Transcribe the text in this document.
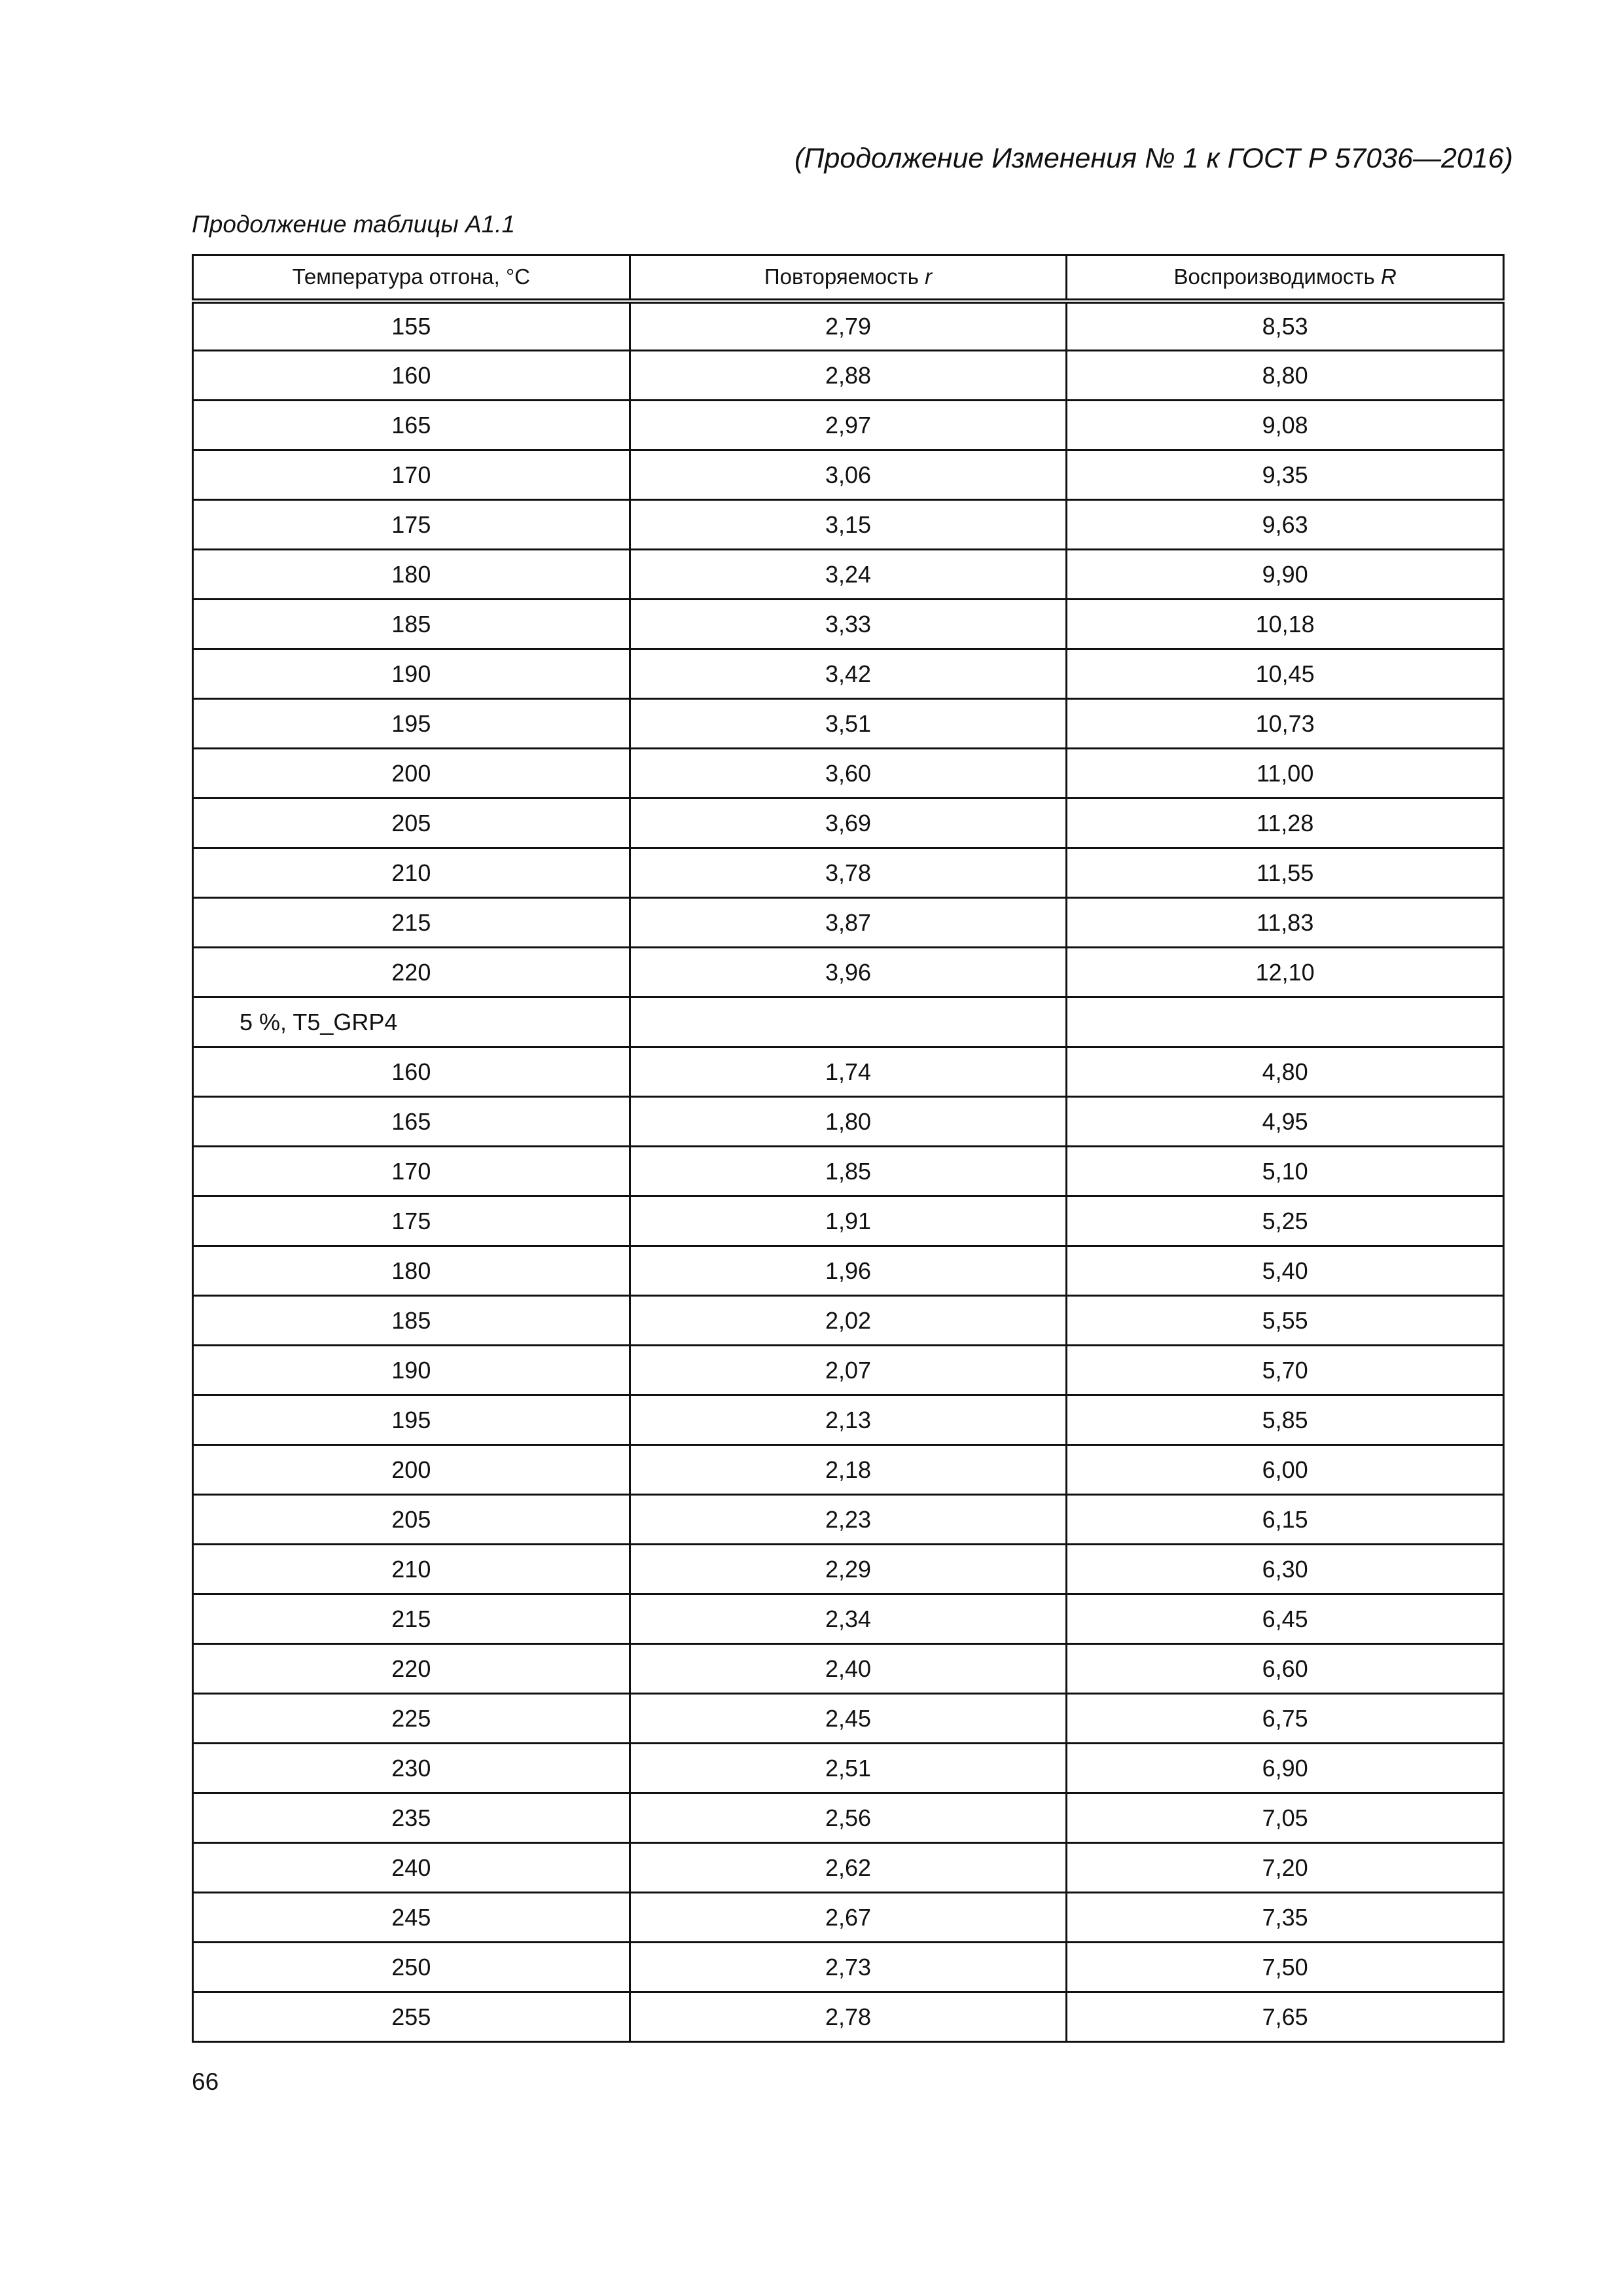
(Продолжение Изменения № 1 к ГОСТ Р 57036—2016)
Продолжение таблицы А1.1
Температура отгона, °С	Повторяемость r	Воспроизводимость R
155	2,79	8,53
160	2,88	8,80
165	2,97	9,08
170	3,06	9,35
175	3,15	9,63
180	3,24	9,90
185	3,33	10,18
190	3,42	10,45
195	3,51	10,73
200	3,60	11,00
205	3,69	11,28
210	3,78	11,55
215	3,87	11,83
220	3,96	12,10
5 %, T5_GRP4		
160	1,74	4,80
165	1,80	4,95
170	1,85	5,10
175	1,91	5,25
180	1,96	5,40
185	2,02	5,55
190	2,07	5,70
195	2,13	5,85
200	2,18	6,00
205	2,23	6,15
210	2,29	6,30
215	2,34	6,45
220	2,40	6,60
225	2,45	6,75
230	2,51	6,90
235	2,56	7,05
240	2,62	7,20
245	2,67	7,35
250	2,73	7,50
255	2,78	7,65
66
